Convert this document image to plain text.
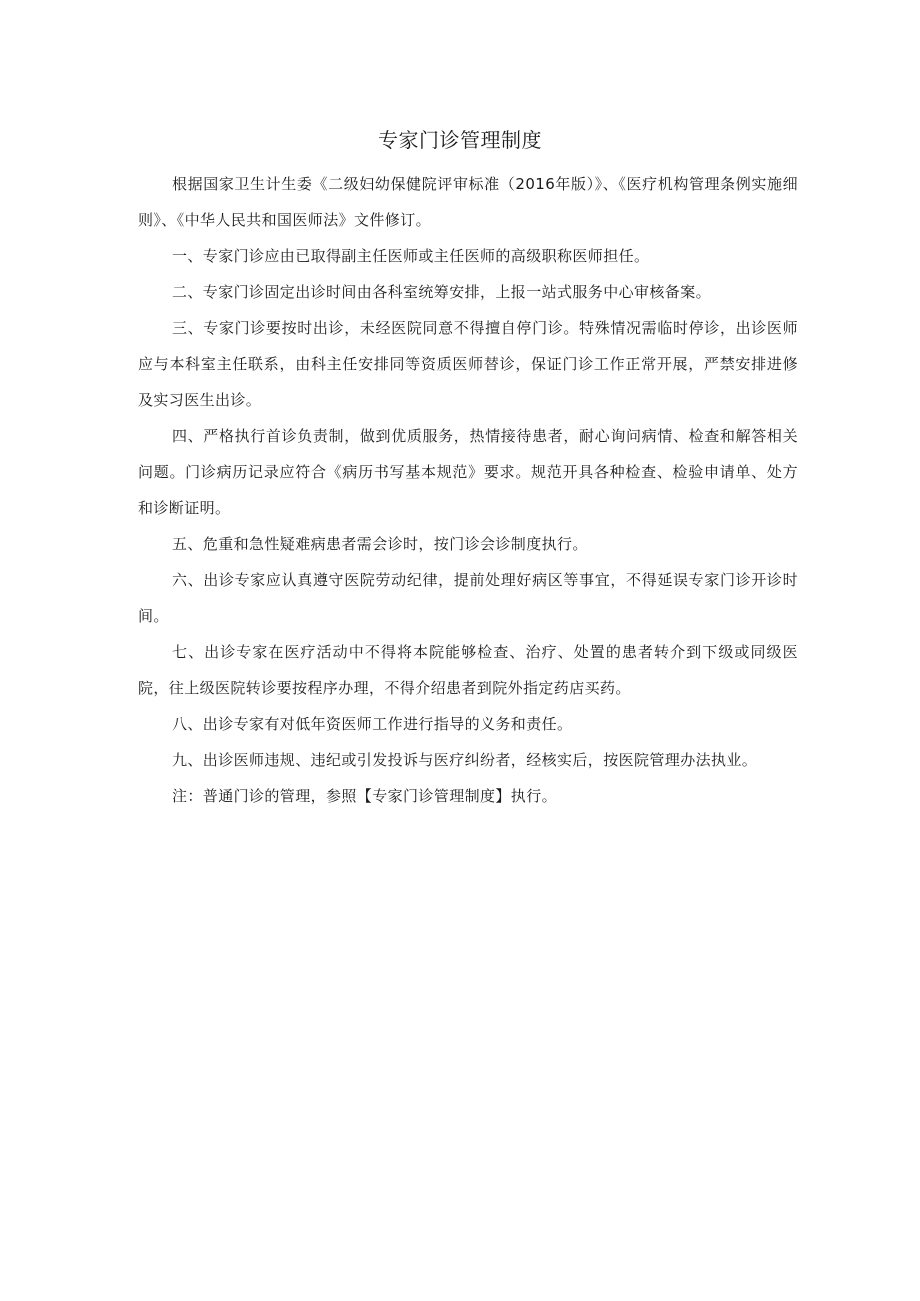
专家门诊管理制度

根据国家卫生计生委《二级妇幼保健院评审标准（2016年版）》、《医疗机构管理条例实施细则》、《中华人民共和国医师法》文件修订。

一、专家门诊应由已取得副主任医师或主任医师的高级职称医师担任。

二、专家门诊固定出诊时间由各科室统筹安排，上报一站式服务中心审核备案。

三、专家门诊要按时出诊，未经医院同意不得擅自停门诊。特殊情况需临时停诊，出诊医师应与本科室主任联系，由科主任安排同等资质医师替诊，保证门诊工作正常开展，严禁安排进修及实习医生出诊。

四、严格执行首诊负责制，做到优质服务，热情接待患者，耐心询问病情、检查和解答相关问题。门诊病历记录应符合《病历书写基本规范》要求。规范开具各种检查、检验申请单、处方和诊断证明。

五、危重和急性疑难病患者需会诊时，按门诊会诊制度执行。

六、出诊专家应认真遵守医院劳动纪律，提前处理好病区等事宜，不得延误专家门诊开诊时间。

七、出诊专家在医疗活动中不得将本院能够检查、治疗、处置的患者转介到下级或同级医院，往上级医院转诊要按程序办理，不得介绍患者到院外指定药店买药。

八、出诊专家有对低年资医师工作进行指导的义务和责任。

九、出诊医师违规、违纪或引发投诉与医疗纠纷者，经核实后，按医院管理办法执业。

注：普通门诊的管理，参照【专家门诊管理制度】执行。
